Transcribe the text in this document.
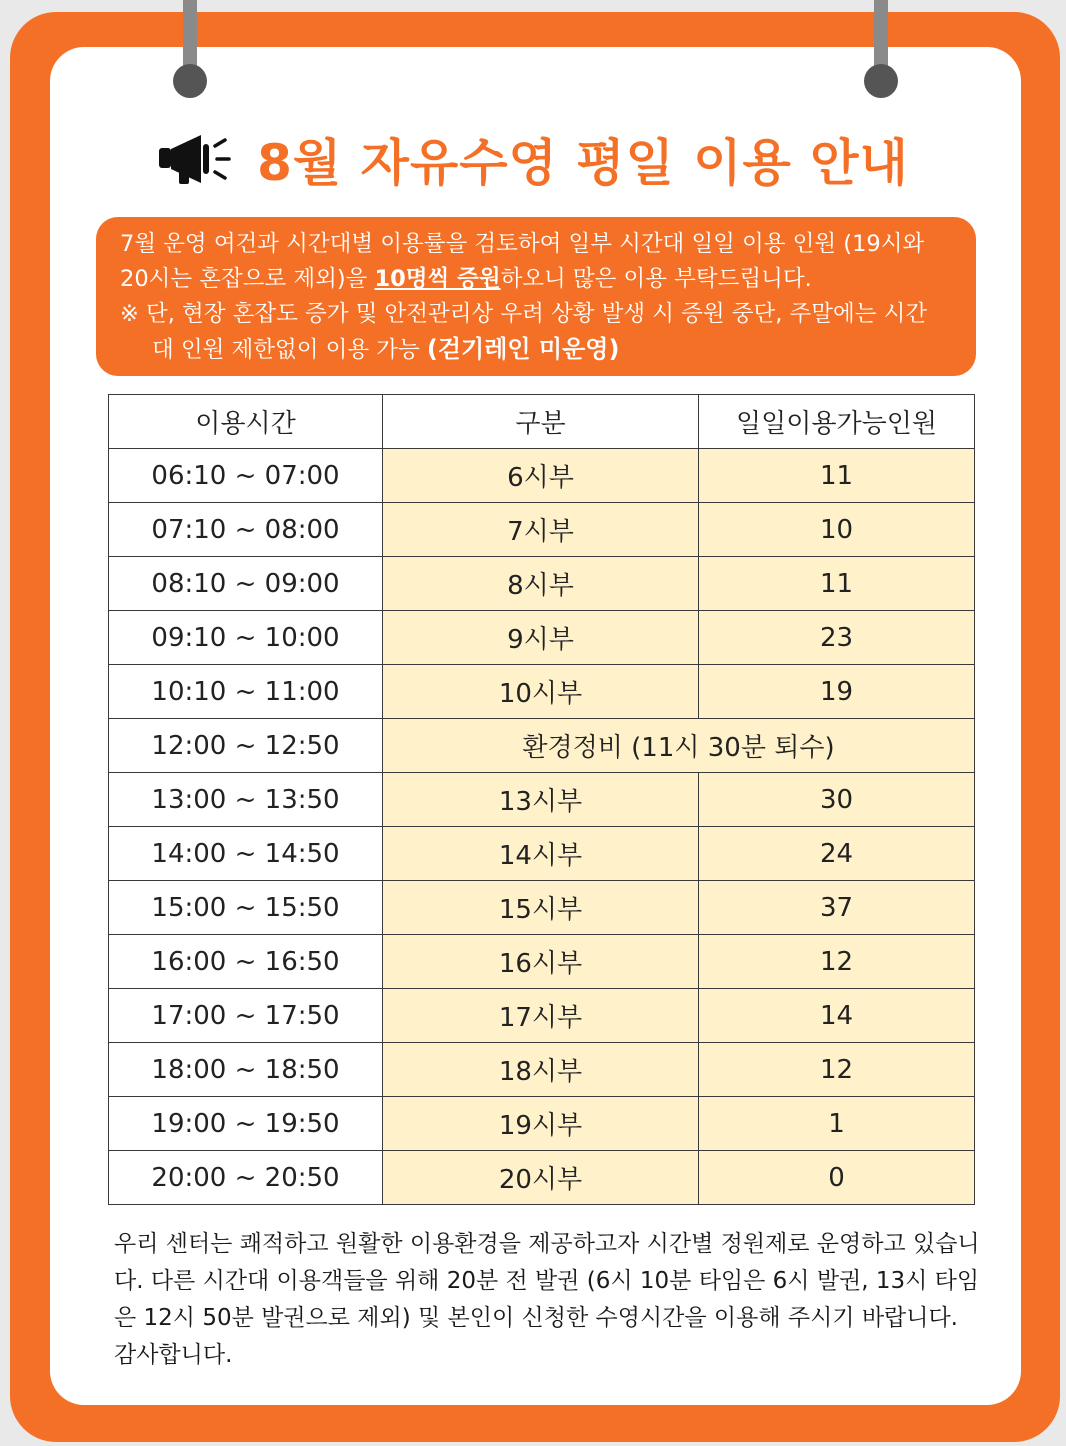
8월 자유수영 평일 이용 안내

7월 운영 여건과 시간대별 이용률을 검토하여 일부 시간대 일일 이용 인원 (19시와

20시는 혼잡으로 제외)을 10명씩 증원하오니 많은 이용 부탁드립니다.

※ 단, 현장 혼잡도 증가 및 안전관리상 우려 상황 발생 시 증원 중단, 주말에는 시간

대 인원 제한없이 이용 가능 (걷기레인 미운영)

이용시간	구분	일일이용가능인원
06:10 ~ 07:00	6시부	11
07:10 ~ 08:00	7시부	10
08:10 ~ 09:00	8시부	11
09:10 ~ 10:00	9시부	23
10:10 ~ 11:00	10시부	19
12:00 ~ 12:50	환경정비 (11시 30분 퇴수)	
13:00 ~ 13:50	13시부	30
14:00 ~ 14:50	14시부	24
15:00 ~ 15:50	15시부	37
16:00 ~ 16:50	16시부	12
17:00 ~ 17:50	17시부	14
18:00 ~ 18:50	18시부	12
19:00 ~ 19:50	19시부	1
20:00 ~ 20:50	20시부	0

우리 센터는 쾌적하고 원활한 이용환경을 제공하고자 시간별 정원제로 운영하고 있습니다. 다른 시간대 이용객들을 위해 20분 전 발권 (6시 10분 타임은 6시 발권, 13시 타임은 12시 50분 발권으로 제외) 및 본인이 신청한 수영시간을 이용해 주시기 바랍니다. 감사합니다.
